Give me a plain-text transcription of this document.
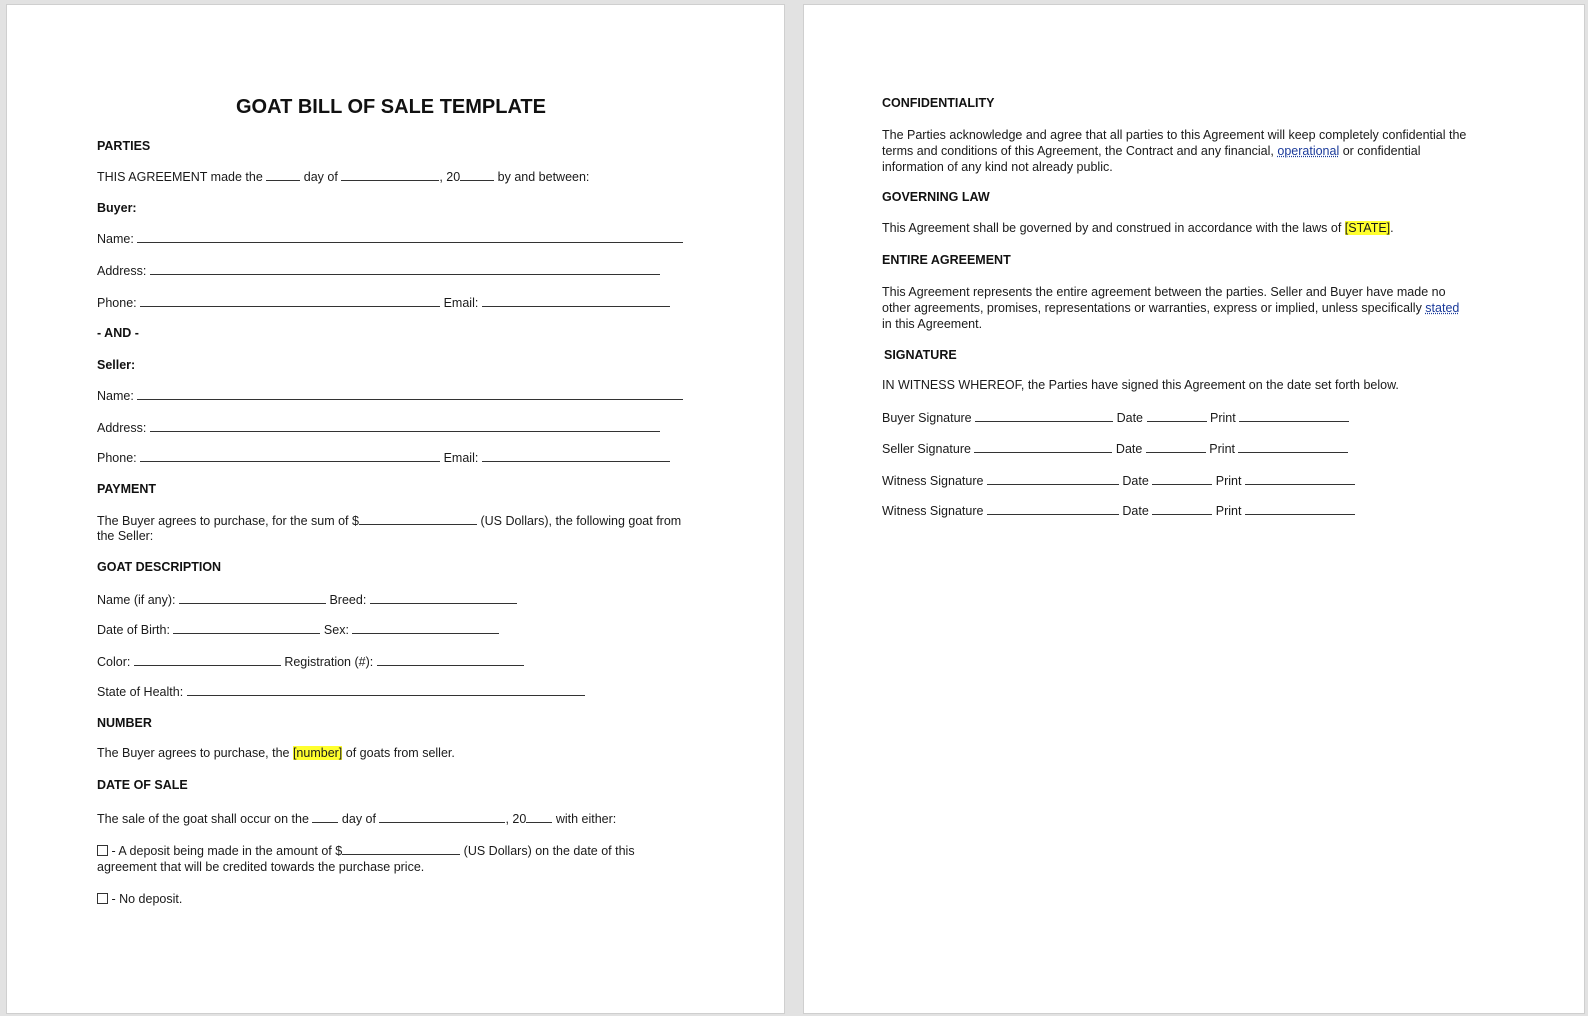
GOAT BILL OF SALE TEMPLATE
PARTIES
THIS AGREEMENT made the	day of	, 20	by and between:
Buyer:
Name:
Address:
Phone:	Email:
- AND -
Seller:
Name:
Address:
Phone:	Email:
PAYMENT
The Buyer agrees to purchase, for the sum of $	(US Dollars), the following goat from
the Seller:
GOAT DESCRIPTION
Name (if any):	Breed:
Date of Birth:	Sex:
Color:	Registration (#):
State of Health:
NUMBER
The Buyer agrees to purchase, the [number] of goats from seller.
DATE OF SALE
The sale of the goat shall occur on the	day of	, 20 with either:
- A deposit being made in the amount of $	(US Dollars) on the date of this
agreement that will be credited towards the purchase price.
- No deposit.
CONFIDENTIALITY
The Parties acknowledge and agree that all parties to this Agreement will keep completely confidential the terms and conditions of this Agreement, the Contract and any financial, operational or confidential information of any kind not already public.
GOVERNING LAW
This Agreement shall be governed by and construed in accordance with the laws of [STATE].
ENTIRE AGREEMENT
This Agreement represents the entire agreement between the parties. Seller and Buyer have made no other agreements, promises, representations or warranties, express or implied, unless specifically stated in this Agreement.
SIGNATURE
IN WITNESS WHEREOF, the Parties have signed this Agreement on the date set forth below.
Buyer Signature	Date	Print
Seller Signature	Date	Print
Witness Signature	Date	Print
Witness Signature	Date	Print
